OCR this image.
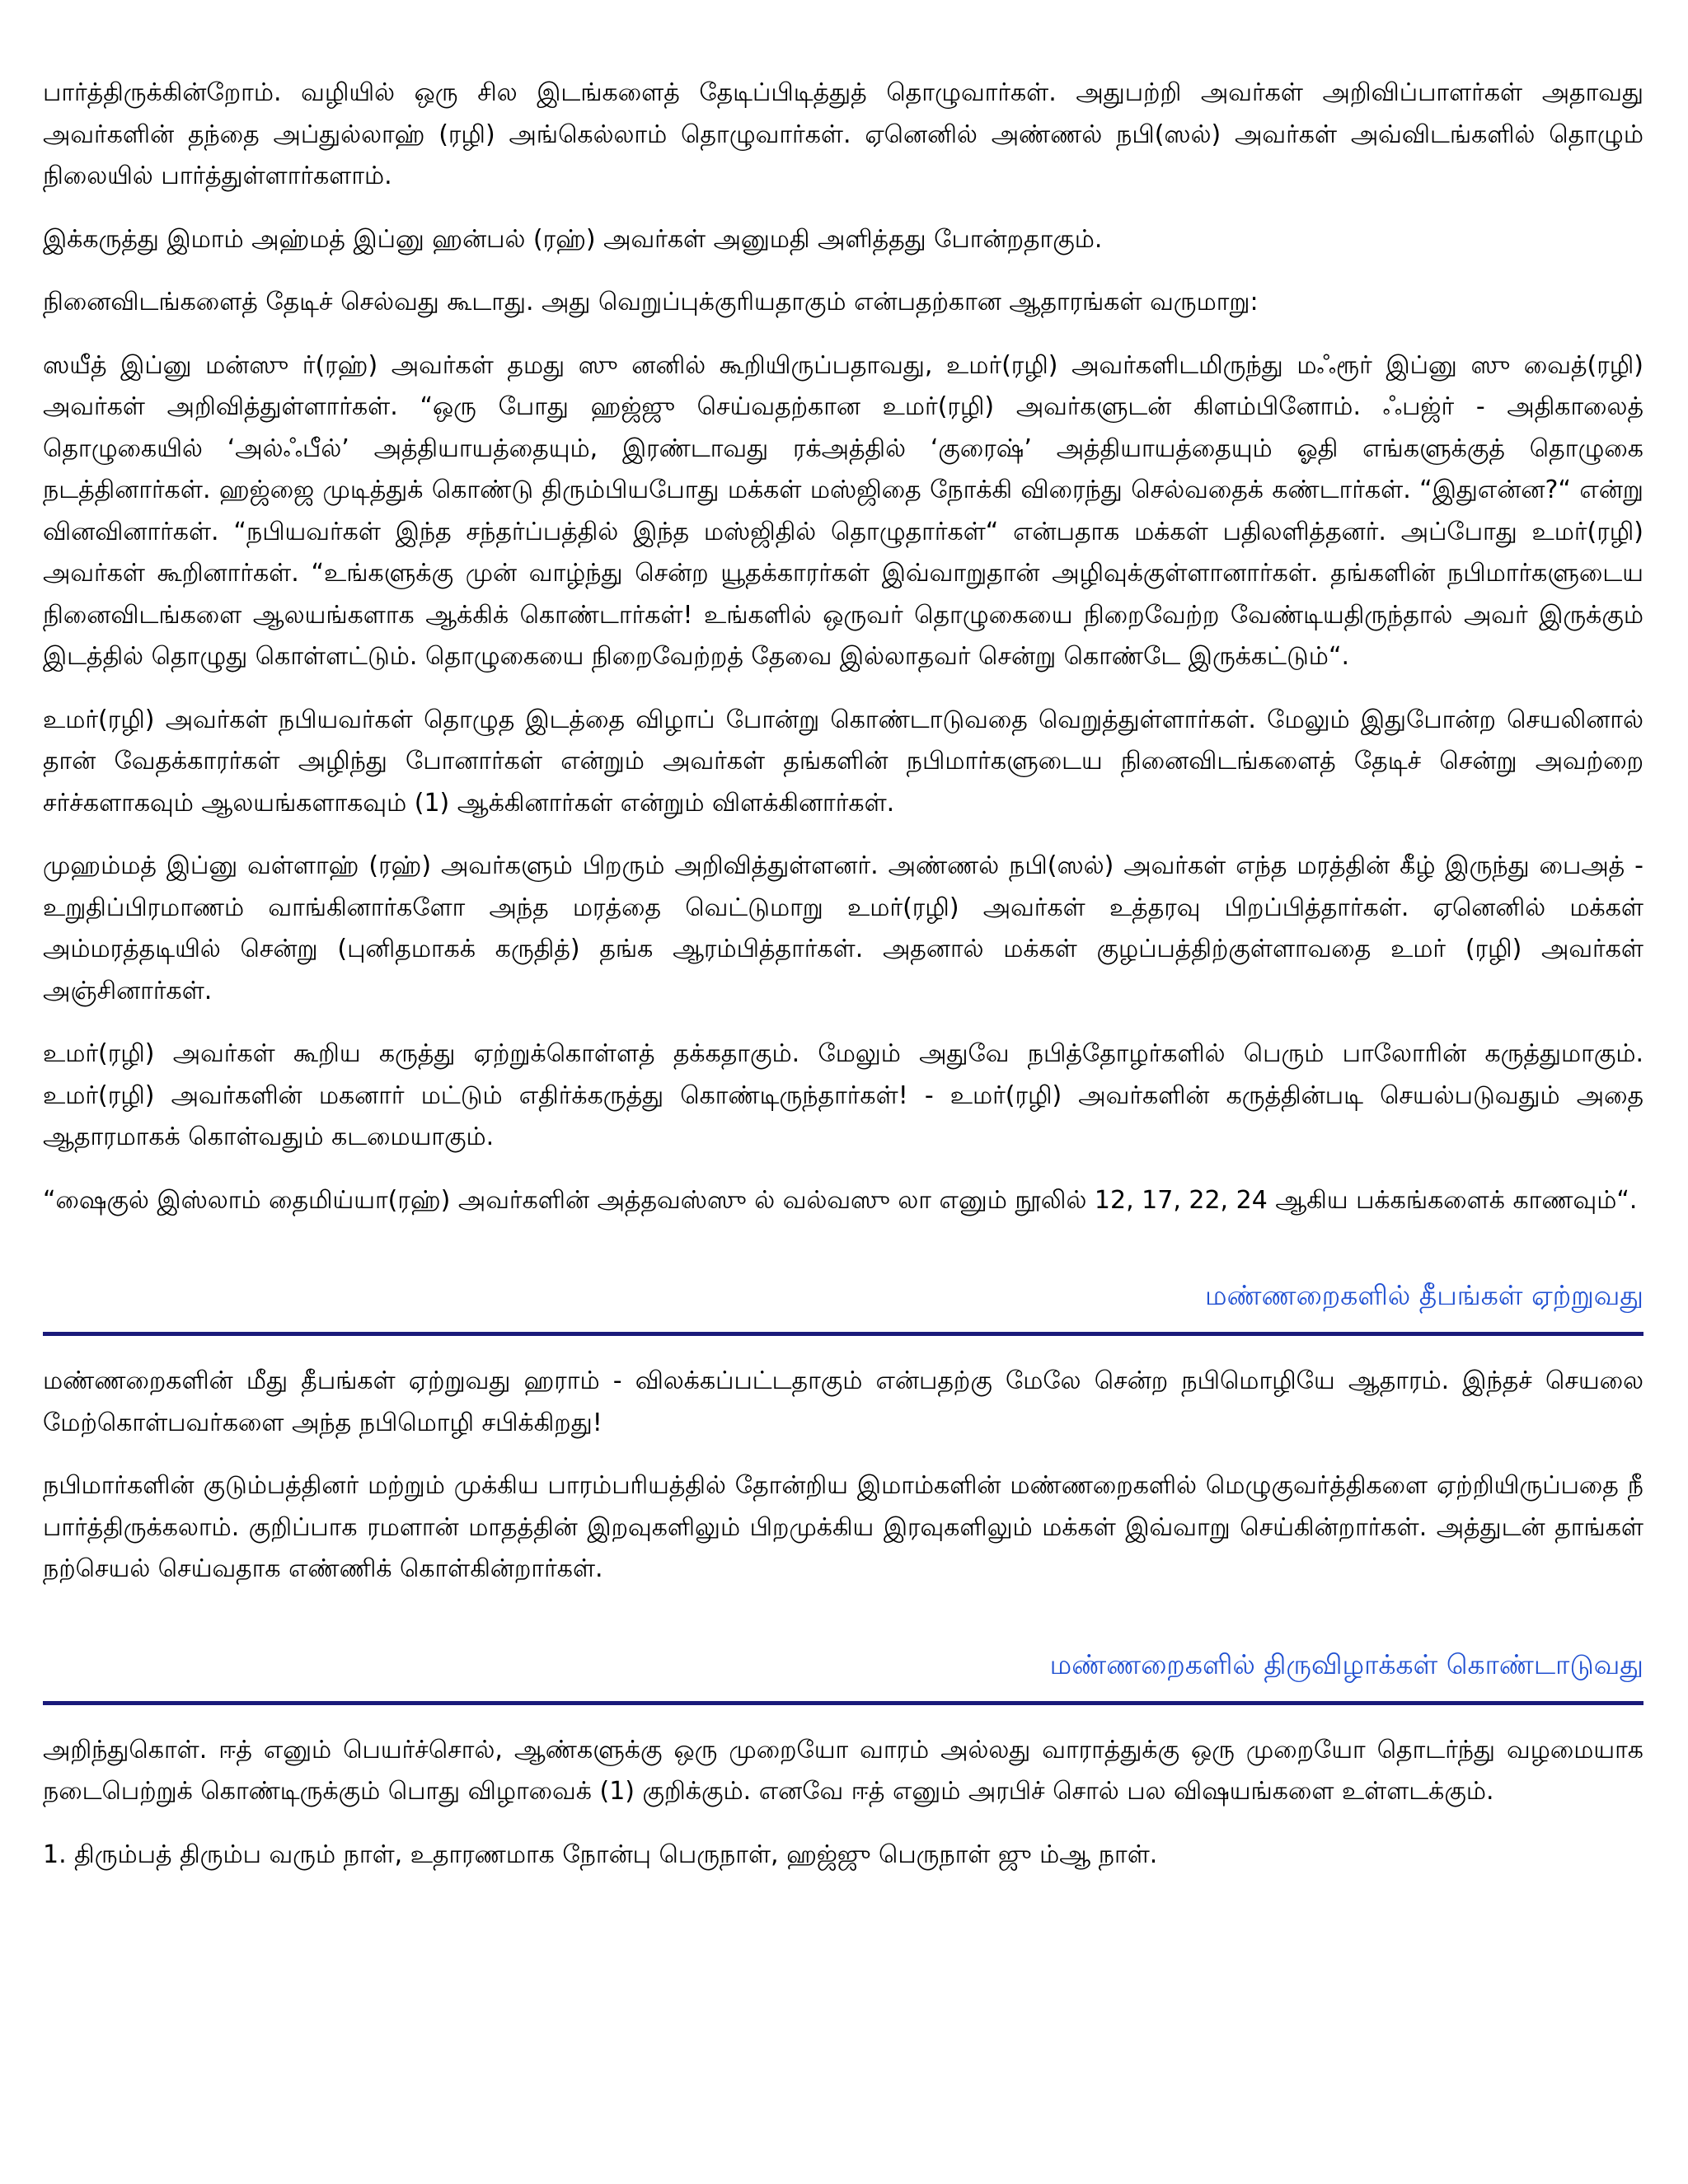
பார்த்திருக்கின்றோம். வழியில் ஒரு சில இடங்களைத் தேடிப்பிடித்துத் தொழுவார்கள். அதுபற்றி அவர்கள் அறிவிப்பாளர்கள் அதாவது அவர்களின் தந்தை அப்துல்லாஹ் (ரழி) அங்கெல்லாம் தொழுவார்கள். ஏனெனில் அண்ணல் நபி(ஸல்) அவர்கள் அவ்விடங்களில் தொழும் நிலையில் பார்த்துள்ளார்களாம்.

இக்கருத்து இமாம் அஹ்மத் இப்னு ஹன்பல் (ரஹ்) அவர்கள் அனுமதி அளித்தது போன்றதாகும்.

நினைவிடங்களைத் தேடிச் செல்வது கூடாது. அது வெறுப்புக்குரியதாகும் என்பதற்கான ஆதாரங்கள் வருமாறு:

ஸயீத் இப்னு மன்ஸு ர்(ரஹ்) அவர்கள் தமது ஸு னனில் கூறியிருப்பதாவது, உமர்(ரழி) அவர்களிடமிருந்து மஃரூர் இப்னு ஸு வைத்(ரழி) அவர்கள் அறிவித்துள்ளார்கள். “ஒரு போது ஹஜ்ஜு செய்வதற்கான உமர்(ரழி) அவர்களுடன் கிளம்பினோம். ஃபஜ்ர் - அதிகாலைத் தொழுகையில் ‘அல்ஃபீல்’ அத்தியாயத்தையும், இரண்டாவது ரக்அத்தில் ‘குரைஷ்’ அத்தியாயத்தையும் ஓதி எங்களுக்குத் தொழுகை நடத்தினார்கள். ஹஜ்ஜை முடித்துக் கொண்டு திரும்பியபோது மக்கள் மஸ்ஜிதை நோக்கி விரைந்து செல்வதைக் கண்டார்கள். “இதுஎன்ன?“ என்று வினவினார்கள். “நபியவர்கள் இந்த சந்தர்ப்பத்தில் இந்த மஸ்ஜிதில் தொழுதார்கள்“ என்பதாக மக்கள் பதிலளித்தனர். அப்போது உமர்(ரழி) அவர்கள் கூறினார்கள். “உங்களுக்கு முன் வாழ்ந்து சென்ற யூதக்காரர்கள் இவ்வாறுதான் அழிவுக்குள்ளானார்கள். தங்களின் நபிமார்களுடைய நினைவிடங்களை ஆலயங்களாக ஆக்கிக் கொண்டார்கள்! உங்களில் ஒருவர் தொழுகையை நிறைவேற்ற வேண்டியதிருந்தால் அவர் இருக்கும் இடத்தில் தொழுது கொள்ளட்டும். தொழுகையை நிறைவேற்றத் தேவை இல்லாதவர் சென்று கொண்டே இருக்கட்டும்“.

உமர்(ரழி) அவர்கள் நபியவர்கள் தொழுத இடத்தை விழாப் போன்று கொண்டாடுவதை வெறுத்துள்ளார்கள். மேலும் இதுபோன்ற செயலினால் தான் வேதக்காரர்கள் அழிந்து போனார்கள் என்றும் அவர்கள் தங்களின் நபிமார்களுடைய நினைவிடங்களைத் தேடிச் சென்று அவற்றை சர்ச்களாகவும் ஆலயங்களாகவும் (1) ஆக்கினார்கள் என்றும் விளக்கினார்கள்.

முஹம்மத் இப்னு வள்ளாஹ் (ரஹ்) அவர்களும் பிறரும் அறிவித்துள்ளனர். அண்ணல் நபி(ஸல்) அவர்கள் எந்த மரத்தின் கீழ் இருந்து பைஅத் - உறுதிப்பிரமாணம் வாங்கினார்களோ அந்த மரத்தை வெட்டுமாறு உமர்(ரழி) அவர்கள் உத்தரவு பிறப்பித்தார்கள். ஏனெனில் மக்கள் அம்மரத்தடியில் சென்று (புனிதமாகக் கருதித்) தங்க ஆரம்பித்தார்கள். அதனால் மக்கள் குழப்பத்திற்குள்ளாவதை உமர் (ரழி) அவர்கள் அஞ்சினார்கள்.

உமர்(ரழி) அவர்கள் கூறிய கருத்து ஏற்றுக்கொள்ளத் தக்கதாகும். மேலும் அதுவே நபித்தோழர்களில் பெரும் பாலோரின் கருத்துமாகும். உமர்(ரழி) அவர்களின் மகனார் மட்டும் எதிர்க்கருத்து கொண்டிருந்தார்கள்! - உமர்(ரழி) அவர்களின் கருத்தின்படி செயல்படுவதும் அதை ஆதாரமாகக் கொள்வதும் கடமையாகும்.

“ஷைகுல் இஸ்லாம் தைமிய்யா(ரஹ்) அவர்களின் அத்தவஸ்ஸு ல் வல்வஸு லா எனும் நூலில் 12, 17, 22, 24 ஆகிய பக்கங்களைக் காணவும்“.

மண்ணறைகளில் தீபங்கள் ஏற்றுவது

மண்ணறைகளின் மீது தீபங்கள் ஏற்றுவது ஹராம் - விலக்கப்பட்டதாகும் என்பதற்கு மேலே சென்ற நபிமொழியே ஆதாரம். இந்தச் செயலை மேற்கொள்பவர்களை அந்த நபிமொழி சபிக்கிறது!

நபிமார்களின் குடும்பத்தினர் மற்றும் முக்கிய பாரம்பரியத்தில் தோன்றிய இமாம்களின் மண்ணறைகளில் மெழுகுவர்த்திகளை ஏற்றியிருப்பதை நீ பார்த்திருக்கலாம். குறிப்பாக ரமளான் மாதத்தின் இறவுகளிலும் பிறமுக்கிய இரவுகளிலும் மக்கள் இவ்வாறு செய்கின்றார்கள். அத்துடன் தாங்கள் நற்செயல் செய்வதாக எண்ணிக் கொள்கின்றார்கள்.

மண்ணறைகளில் திருவிழாக்கள் கொண்டாடுவது

அறிந்துகொள். ஈத் எனும் பெயர்ச்சொல், ஆண்களுக்கு ஒரு முறையோ வாரம் அல்லது வாராத்துக்கு ஒரு முறையோ தொடர்ந்து வழமையாக நடைபெற்றுக் கொண்டிருக்கும் பொது விழாவைக் (1) குறிக்கும். எனவே ஈத் எனும் அரபிச் சொல் பல விஷயங்களை உள்ளடக்கும்.

1. திரும்பத் திரும்ப வரும் நாள், உதாரணமாக நோன்பு பெருநாள், ஹஜ்ஜு பெருநாள் ஜு ம்ஆ நாள்.
